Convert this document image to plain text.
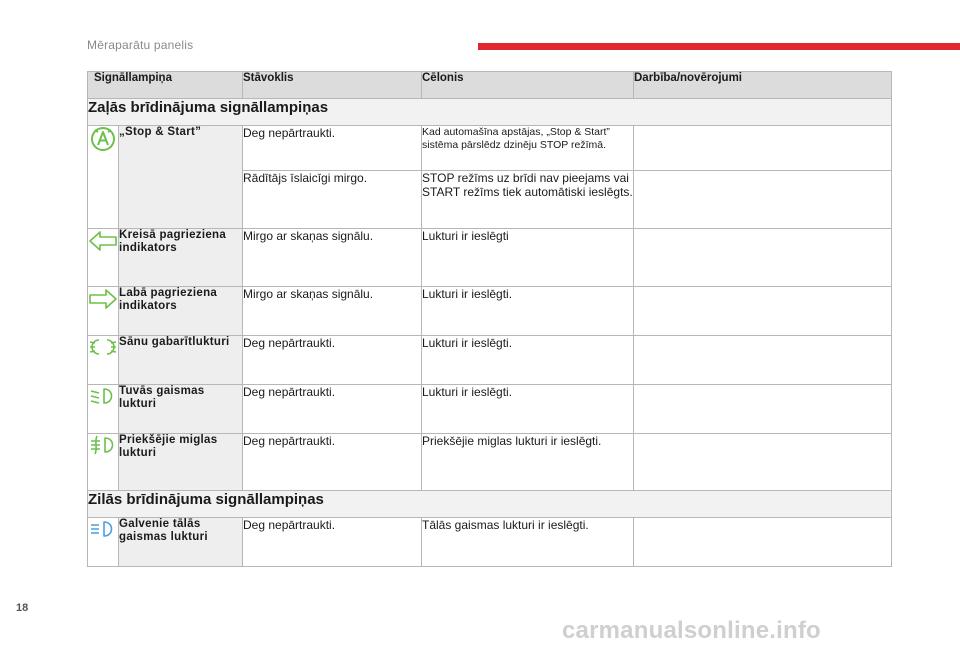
Mēraparātu panelis
Signāllampiņa		Stāvoklis	Cēlonis	Darbība/novērojumi
Zaļās brīdinājuma signāllampiņas				

	„Stop & Start”	Deg nepārtraukti.	Kad automašīna apstājas, „Stop & Start” sistēma pārslēdz dzinēju STOP režīmā.	
		Rādītājs īslaicīgi mirgo.	STOP režīms uz brīdi nav pieejams vai START režīms tiek automātiski ieslēgts.	

	Kreisā pagrieziena indikators	Mirgo ar skaņas signālu.	Lukturi ir ieslēgti	

	Labā pagrieziena indikators	Mirgo ar skaņas signālu.	Lukturi ir ieslēgti.	

	Sānu gabarītlukturi	Deg nepārtraukti.	Lukturi ir ieslēgti.	

	Tuvās gaismas lukturi	Deg nepārtraukti.	Lukturi ir ieslēgti.	

	Priekšējie miglas lukturi	Deg nepārtraukti.	Priekšējie miglas lukturi ir ieslēgti.	
Zilās brīdinājuma signāllampiņas				

	Galvenie tālās gaismas lukturi	Deg nepārtraukti.	Tālās gaismas lukturi ir ieslēgti.	
18
carmanualsonline.info
